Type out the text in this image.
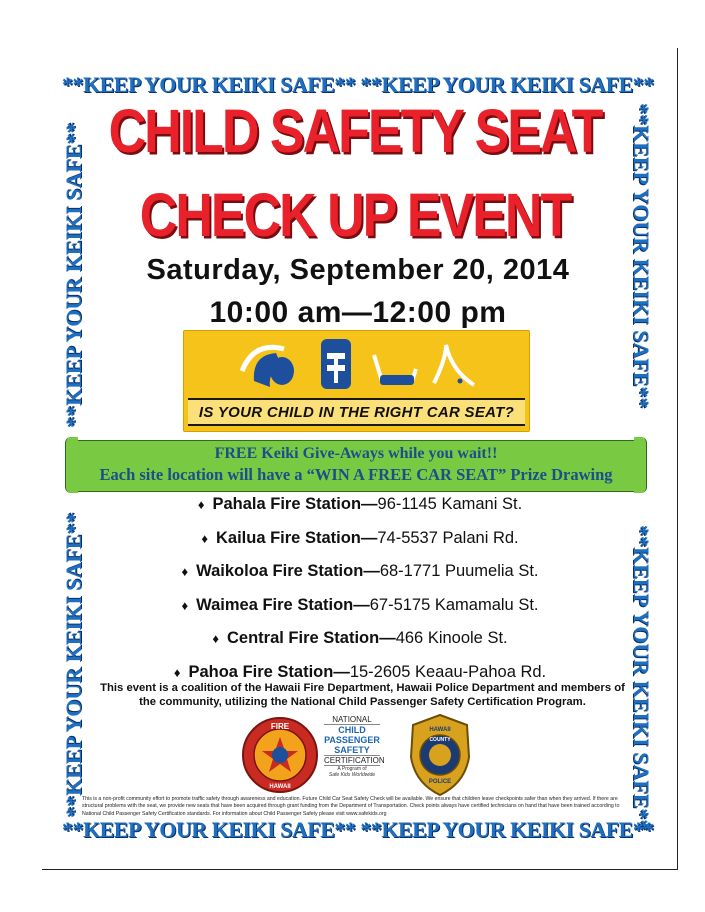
**KEEP YOUR KEIKI SAFE** **KEEP YOUR KEIKI SAFE**
**KEEP YOUR KEIKI SAFE**
**KEEP YOUR KEIKI SAFE**
**KEEP YOUR KEIKI SAFE**
**KEEP YOUR KEIKI SAFE**
**KEEP YOUR KEIKI SAFE** **KEEP YOUR KEIKI SAFE**
CHILD SAFETY SEAT
CHECK UP EVENT
Saturday, September 20, 2014
10:00 am—12:00 pm
IS YOUR CHILD IN THE RIGHT CAR SEAT?
FREE Keiki Give-Aways while you wait!!
Each site location will have a “WIN A FREE CAR SEAT” Prize Drawing
♦ Pahala Fire Station — 96-1145 Kamani St.
♦ Kailua Fire Station — 74-5537 Palani Rd.
♦ Waikoloa Fire Station — 68-1771 Puumelia St.
♦ Waimea Fire Station — 67-5175 Kamamalu St.
♦ Central Fire Station — 466 Kinoole St.
♦ Pahoa Fire Station — 15-2605 Keaau-Pahoa Rd.
This event is a coalition of the Hawaii Fire Department, Hawaii Police Department and members of the community, utilizing the National Child Passenger Safety Certification Program.
FIRE
HAWAII
NATIONAL
CHILD
PASSENGER
SAFETY
CERTIFICATION
A Program of
Safe Kids Worldwide
HAWAII
COUNTY
POLICE
This is a non-profit community effort to promote traffic safety through awareness and education. Future Child Car Seat Safety Check will be available. We ensure that children leave checkpoints safer than when they arrived. If there are structural problems with the seat, we provide new seats that have been acquired through grant funding from the Department of Transportation. Check points always have certified technicians on hand that have been trained according to National Child Passenger Safety Certification standards. For information about Child Passenger Safety please visit www.safekids.org
